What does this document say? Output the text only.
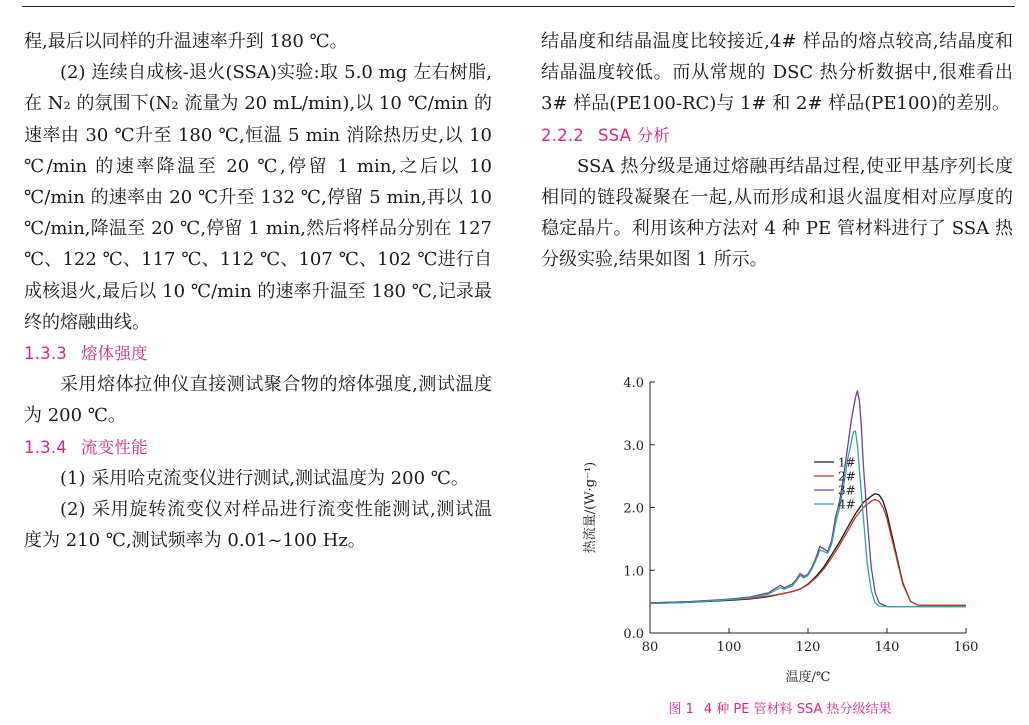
程,最后以同样的升温速率升到 180 ℃。

(2) 连续自成核-退火(SSA)实验:取 5.0 mg 左右树脂,在 N₂ 的氛围下(N₂ 流量为 20 mL/min),以 10 ℃/min 的速率由 30 ℃升至 180 ℃,恒温 5 min 消除热历史,以 10 ℃/min 的速率降温至 20 ℃,停留 1 min,之后以 10 ℃/min 的速率由 20 ℃升至 132 ℃,停留 5 min,再以 10 ℃/min,降温至 20 ℃,停留 1 min,然后将样品分别在 127 ℃、122 ℃、117 ℃、112 ℃、107 ℃、102 ℃进行自成核退火,最后以 10 ℃/min 的速率升温至 180 ℃,记录最终的熔融曲线。

1.3.3 熔体强度

采用熔体拉伸仪直接测试聚合物的熔体强度,测试温度为 200 ℃。

1.3.4 流变性能

(1) 采用哈克流变仪进行测试,测试温度为 200 ℃。

(2) 采用旋转流变仪对样品进行流变性能测试,测试温度为 210 ℃,测试频率为 0.01~100 Hz。

结晶度和结晶温度比较接近,4# 样品的熔点较高,结晶度和结晶温度较低。而从常规的 DSC 热分析数据中,很难看出 3# 样品(PE100-RC)与 1# 和 2# 样品(PE100)的差别。

2.2.2 SSA 分析

SSA 热分级是通过熔融再结晶过程,使亚甲基序列长度相同的链段凝聚在一起,从而形成和退火温度相对应厚度的稳定晶片。利用该种方法对 4 种 PE 管材料进行了 SSA 热分级实验,结果如图 1 所示。

80	100	120	140	160
0.0
1.0
2.0
3.0
4.0
温度/℃
热流量/(W·g⁻¹)	1#
2#
3#
4#
图 1 4 种 PE 管材料 SSA 热分级结果
